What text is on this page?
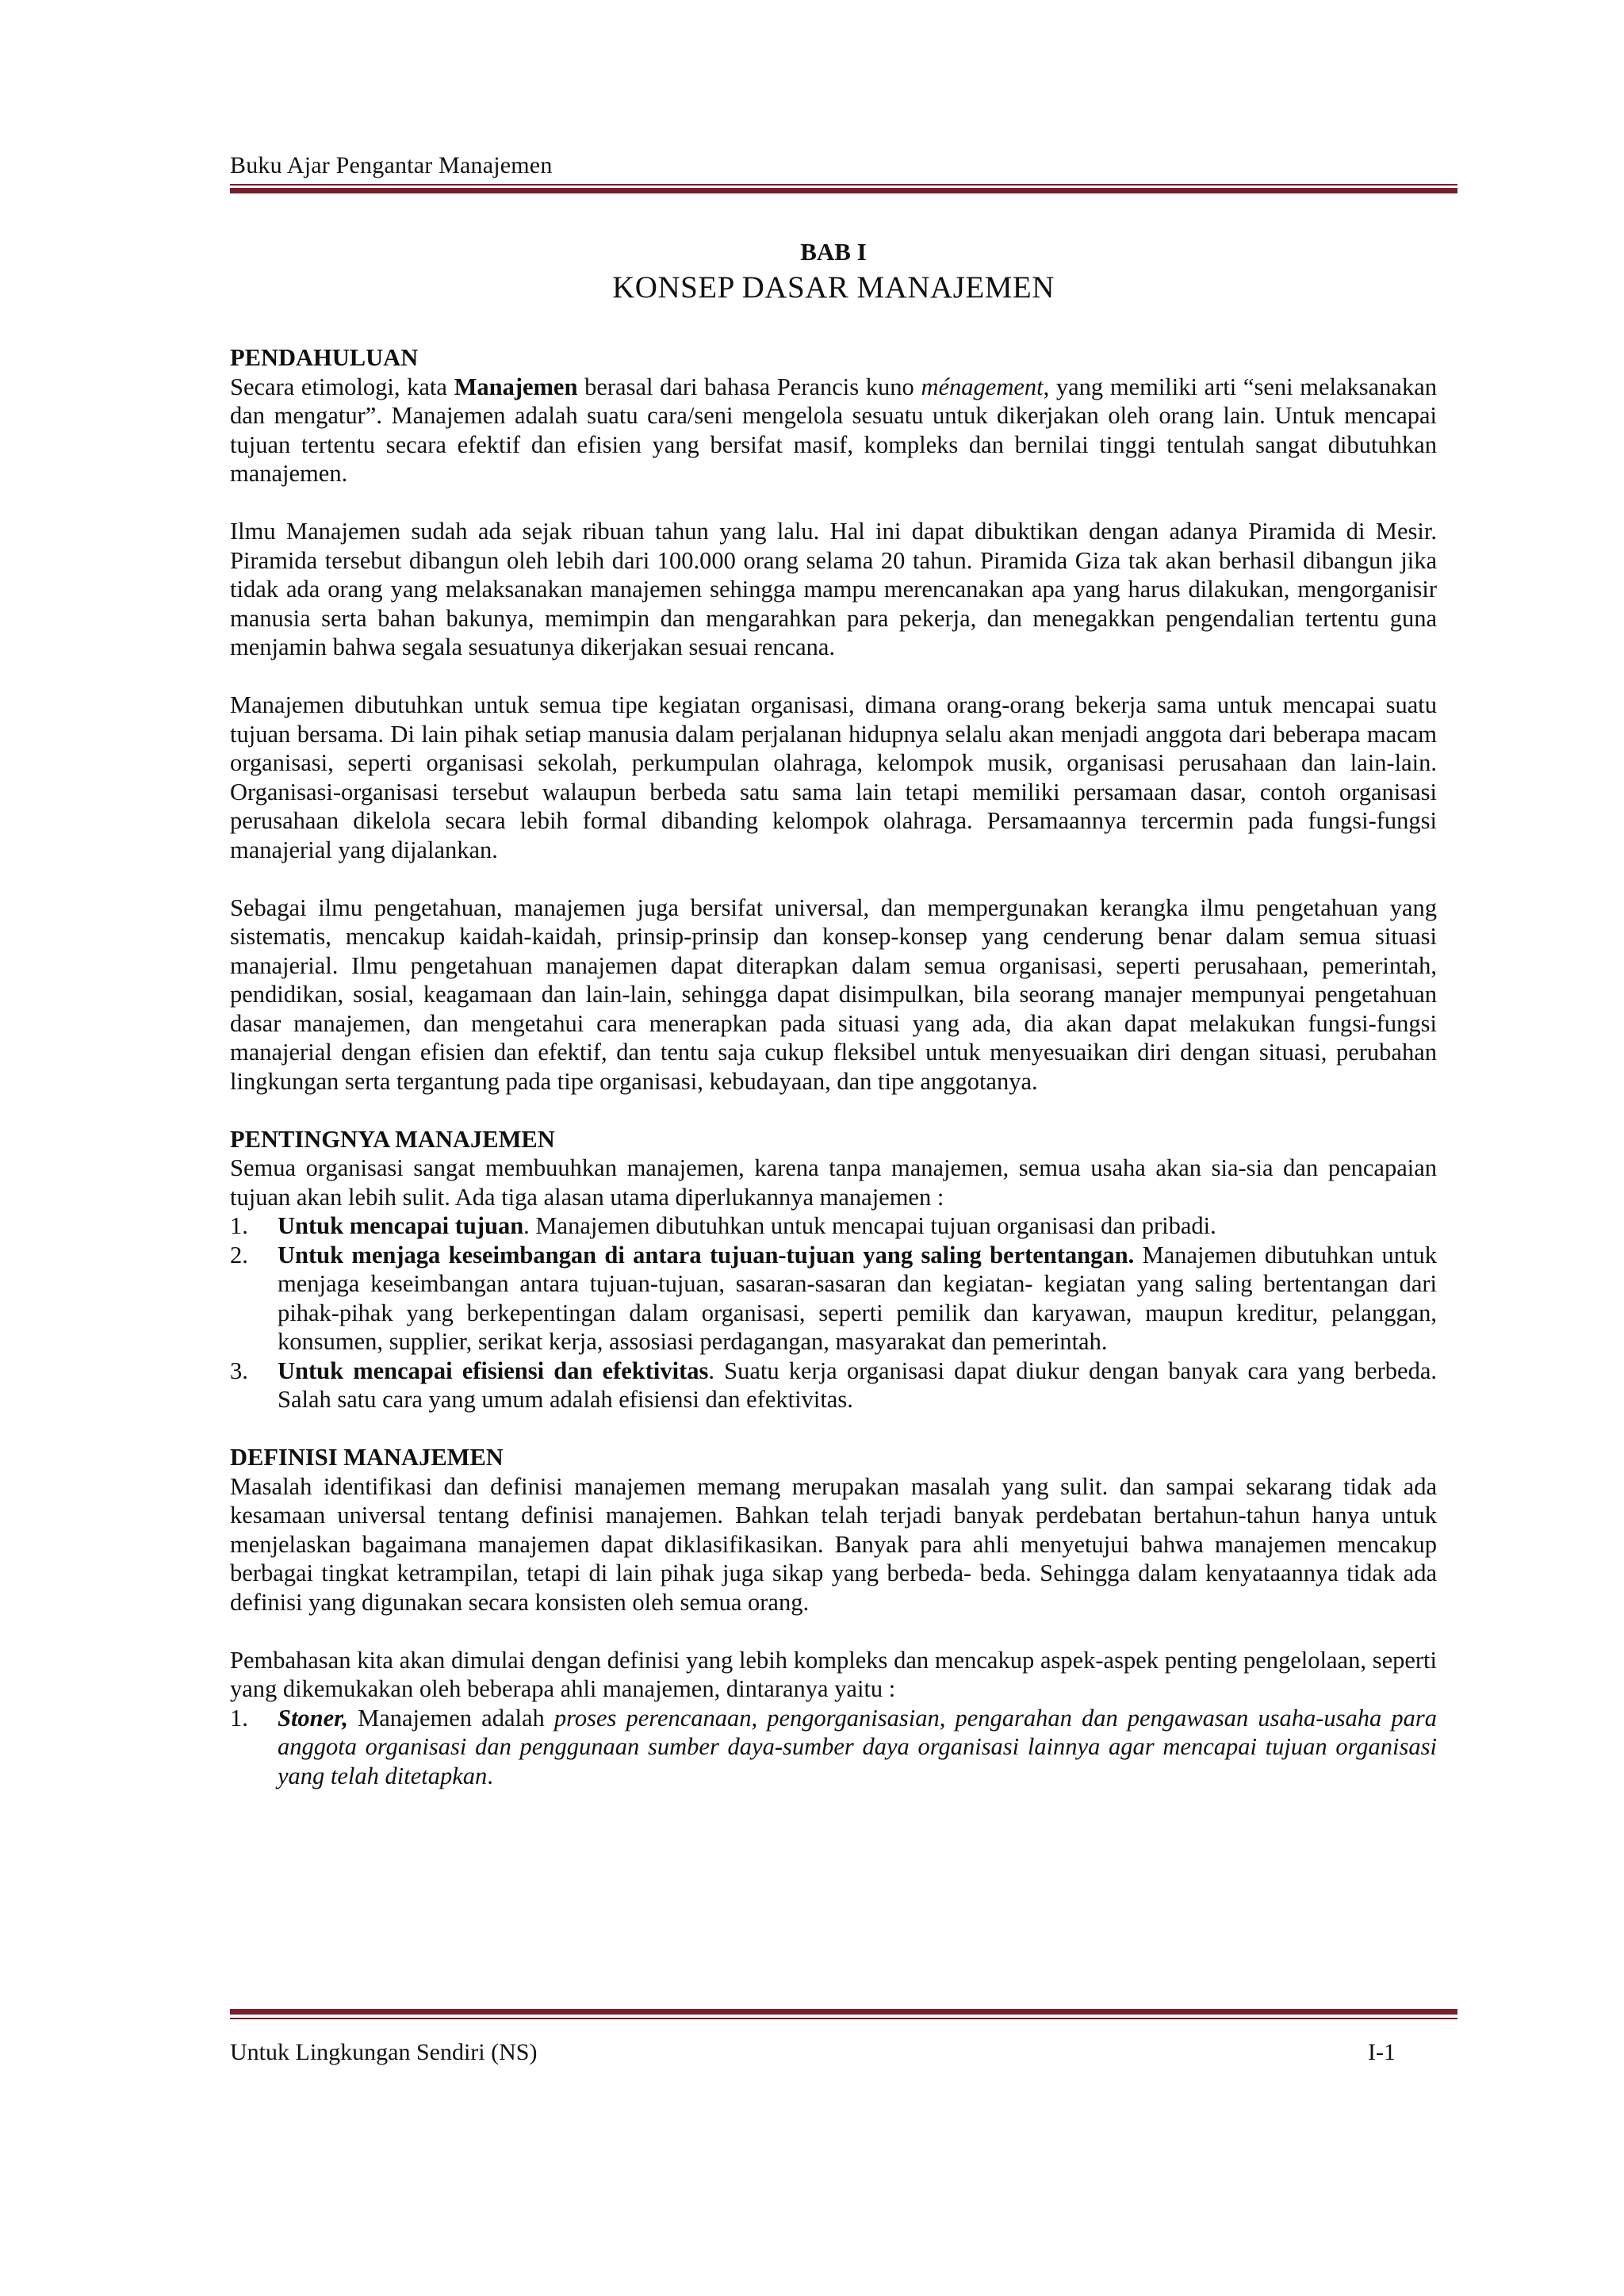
Buku Ajar Pengantar Manajemen

BAB I

KONSEP DASAR MANAJEMEN
PENDAHULUAN

Secara etimologi, kata Manajemen berasal dari bahasa Perancis kuno ménagement, yang memiliki arti “seni melaksanakan dan mengatur”. Manajemen adalah suatu cara/seni mengelola sesuatu untuk dikerjakan oleh orang lain. Untuk mencapai tujuan tertentu secara efektif dan efisien yang bersifat masif, kompleks dan bernilai tinggi tentulah sangat dibutuhkan manajemen.

Ilmu Manajemen sudah ada sejak ribuan tahun yang lalu. Hal ini dapat dibuktikan dengan adanya Piramida di Mesir. Piramida tersebut dibangun oleh lebih dari 100.000 orang selama 20 tahun. Piramida Giza tak akan berhasil dibangun jika tidak ada orang yang melaksanakan manajemen sehingga mampu merencanakan apa yang harus dilakukan, mengorganisir manusia serta bahan bakunya, memimpin dan mengarahkan para pekerja, dan menegakkan pengendalian tertentu guna menjamin bahwa segala sesuatunya dikerjakan sesuai rencana.

Manajemen dibutuhkan untuk semua tipe kegiatan organisasi, dimana orang-orang bekerja sama untuk mencapai suatu tujuan bersama. Di lain pihak setiap manusia dalam perjalanan hidupnya selalu akan menjadi anggota dari beberapa macam organisasi, seperti organisasi sekolah, perkumpulan olahraga, kelompok musik, organisasi perusahaan dan lain-lain. Organisasi-organisasi tersebut walaupun berbeda satu sama lain tetapi memiliki persamaan dasar, contoh organisasi perusahaan dikelola secara lebih formal dibanding kelompok olahraga. Persamaannya tercermin pada fungsi-fungsi manajerial yang dijalankan.

Sebagai ilmu pengetahuan, manajemen juga bersifat universal, dan mempergunakan kerangka ilmu pengetahuan yang sistematis, mencakup kaidah-kaidah, prinsip-prinsip dan konsep-konsep yang cenderung benar dalam semua situasi manajerial. Ilmu pengetahuan manajemen dapat diterapkan dalam semua organisasi, seperti perusahaan, pemerintah, pendidikan, sosial, keagamaan dan lain-lain, sehingga dapat disimpulkan, bila seorang manajer mempunyai pengetahuan dasar manajemen, dan mengetahui cara menerapkan pada situasi yang ada, dia akan dapat melakukan fungsi-fungsi manajerial dengan efisien dan efektif, dan tentu saja cukup fleksibel untuk menyesuaikan diri dengan situasi, perubahan lingkungan serta tergantung pada tipe organisasi, kebudayaan, dan tipe anggotanya.

PENTINGNYA MANAJEMEN

Semua organisasi sangat membuuhkan manajemen, karena tanpa manajemen, semua usaha akan sia-sia dan pencapaian tujuan akan lebih sulit. Ada tiga alasan utama diperlukannya manajemen :

1. Untuk mencapai tujuan. Manajemen dibutuhkan untuk mencapai tujuan organisasi dan pribadi.
2. Untuk menjaga keseimbangan di antara tujuan-tujuan yang saling bertentangan. Manajemen dibutuhkan untuk menjaga keseimbangan antara tujuan-tujuan, sasaran-sasaran dan kegiatan- kegiatan yang saling bertentangan dari pihak-pihak yang berkepentingan dalam organisasi, seperti pemilik dan karyawan, maupun kreditur, pelanggan, konsumen, supplier, serikat kerja, assosiasi perdagangan, masyarakat dan pemerintah.
3. Untuk mencapai efisiensi dan efektivitas. Suatu kerja organisasi dapat diukur dengan banyak cara yang berbeda. Salah satu cara yang umum adalah efisiensi dan efektivitas.
DEFINISI MANAJEMEN

Masalah identifikasi dan definisi manajemen memang merupakan masalah yang sulit. dan sampai sekarang tidak ada kesamaan universal tentang definisi manajemen. Bahkan telah terjadi banyak perdebatan bertahun-tahun hanya untuk menjelaskan bagaimana manajemen dapat diklasifikasikan. Banyak para ahli menyetujui bahwa manajemen mencakup berbagai tingkat ketrampilan, tetapi di lain pihak juga sikap yang berbeda- beda. Sehingga dalam kenyataannya tidak ada definisi yang digunakan secara konsisten oleh semua orang.

Pembahasan kita akan dimulai dengan definisi yang lebih kompleks dan mencakup aspek-aspek penting pengelolaan, seperti yang dikemukakan oleh beberapa ahli manajemen, dintaranya yaitu :

1. Stoner, Manajemen adalah proses perencanaan, pengorganisasian, pengarahan dan pengawasan usaha-usaha para anggota organisasi dan penggunaan sumber daya-sumber daya organisasi lainnya agar mencapai tujuan organisasi yang telah ditetapkan.
Untuk Lingkungan Sendiri (NS)	I-1
